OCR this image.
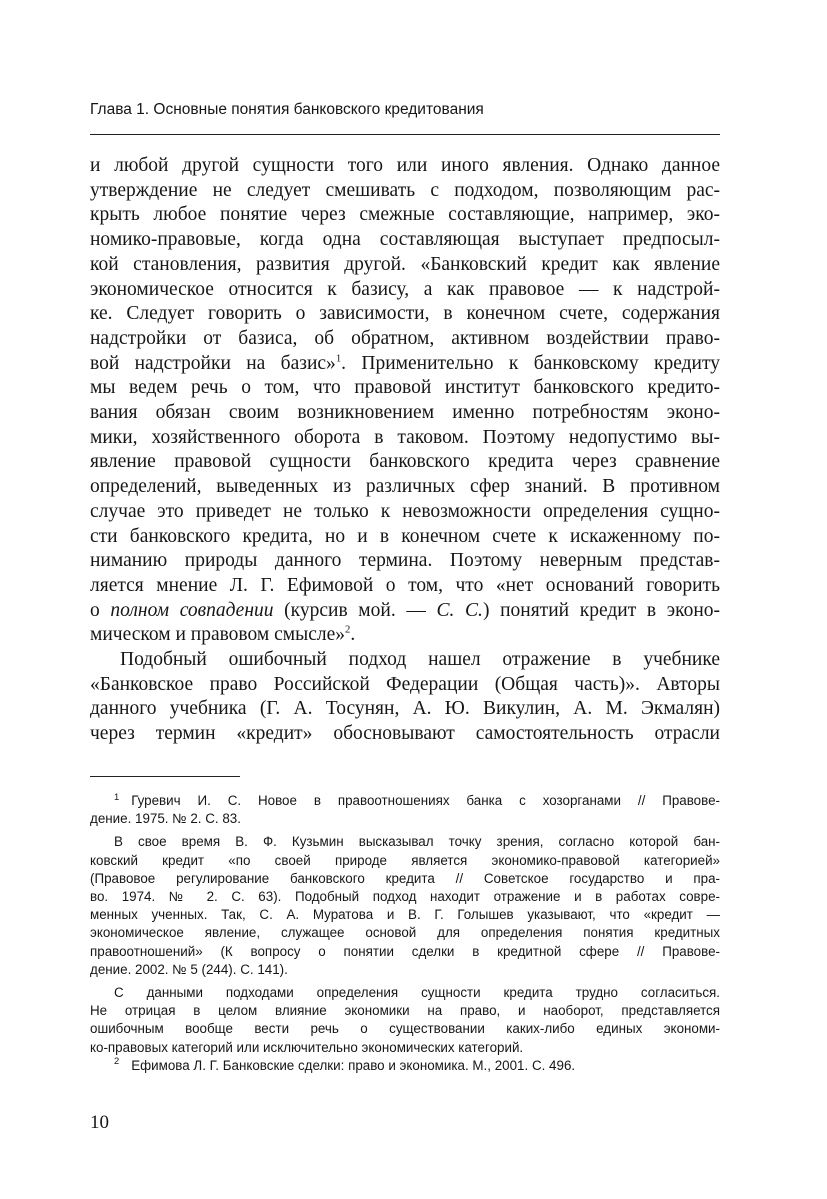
Глава 1. Основные понятия банковского кредитования
и любой другой сущности того или иного явления. Однако данное
утверждение не следует смешивать с подходом, позволяющим рас-
крыть любое понятие через смежные составляющие, например, эко-
номико-правовые, когда одна составляющая выступает предпосыл-
кой становления, развития другой. «Банковский кредит как явление
экономическое относится к базису, а как правовое — к надстрой-
ке. Следует говорить о зависимости, в конечном счете, содержания
надстройки от базиса, об обратном, активном воздействии право-
вой надстройки на базис»$^1$. Применительно к банковскому кредиту
мы ведем речь о том, что правовой институт банковского кредито-
вания обязан своим возникновением именно потребностям эконо-
мики, хозяйственного оборота в таковом. Поэтому недопустимо вы-
явление правовой сущности банковского кредита через сравнение
определений, выведенных из различных сфер знаний. В противном
случае это приведет не только к невозможности определения сущно-
сти банковского кредита, но и в конечном счете к искаженному по-
ниманию природы данного термина. Поэтому неверным представ-
ляется мнение Л. Г. Ефимовой о том, что «нет оснований говорить
о полном совпадении (курсив мой. — С. С.) понятий кредит в эконо-
мическом и правовом смысле»$^2$.
Подобный ошибочный подход нашел отражение в учебнике
«Банковское право Российской Федерации (Общая часть)». Авторы
данного учебника (Г. А. Тосунян, А. Ю. Викулин, А. М. Экмалян)
через термин «кредит» обосновывают самостоятельность отрасли
$^1$ Гуревич И. С. Новое в правоотношениях банка с хозорганами // Правове-
дение. 1975. № 2. С. 83.
В свое время В. Ф. Кузьмин высказывал точку зрения, согласно которой бан-
ковский кредит «по своей природе является экономико-правовой категорией»
(Правовое регулирование банковского кредита // Советское государство и пра-
во. 1974. № 2. С. 63). Подобный подход находит отражение и в работах совре-
менных ученных. Так, С. А. Муратова и В. Г. Голышев указывают, что «кредит —
экономическое явление, служащее основой для определения понятия кредитных
правоотношений» (К вопросу о понятии сделки в кредитной сфере // Правове-
дение. 2002. № 5 (244). С. 141).
С данными подходами определения сущности кредита трудно согласиться.
Не отрицая в целом влияние экономики на право, и наоборот, представляется
ошибочным вообще вести речь о существовании каких-либо единых экономи-
ко-правовых категорий или исключительно экономических категорий.
$^2$ Ефимова Л. Г. Банковские сделки: право и экономика. М., 2001. С. 496.
10
